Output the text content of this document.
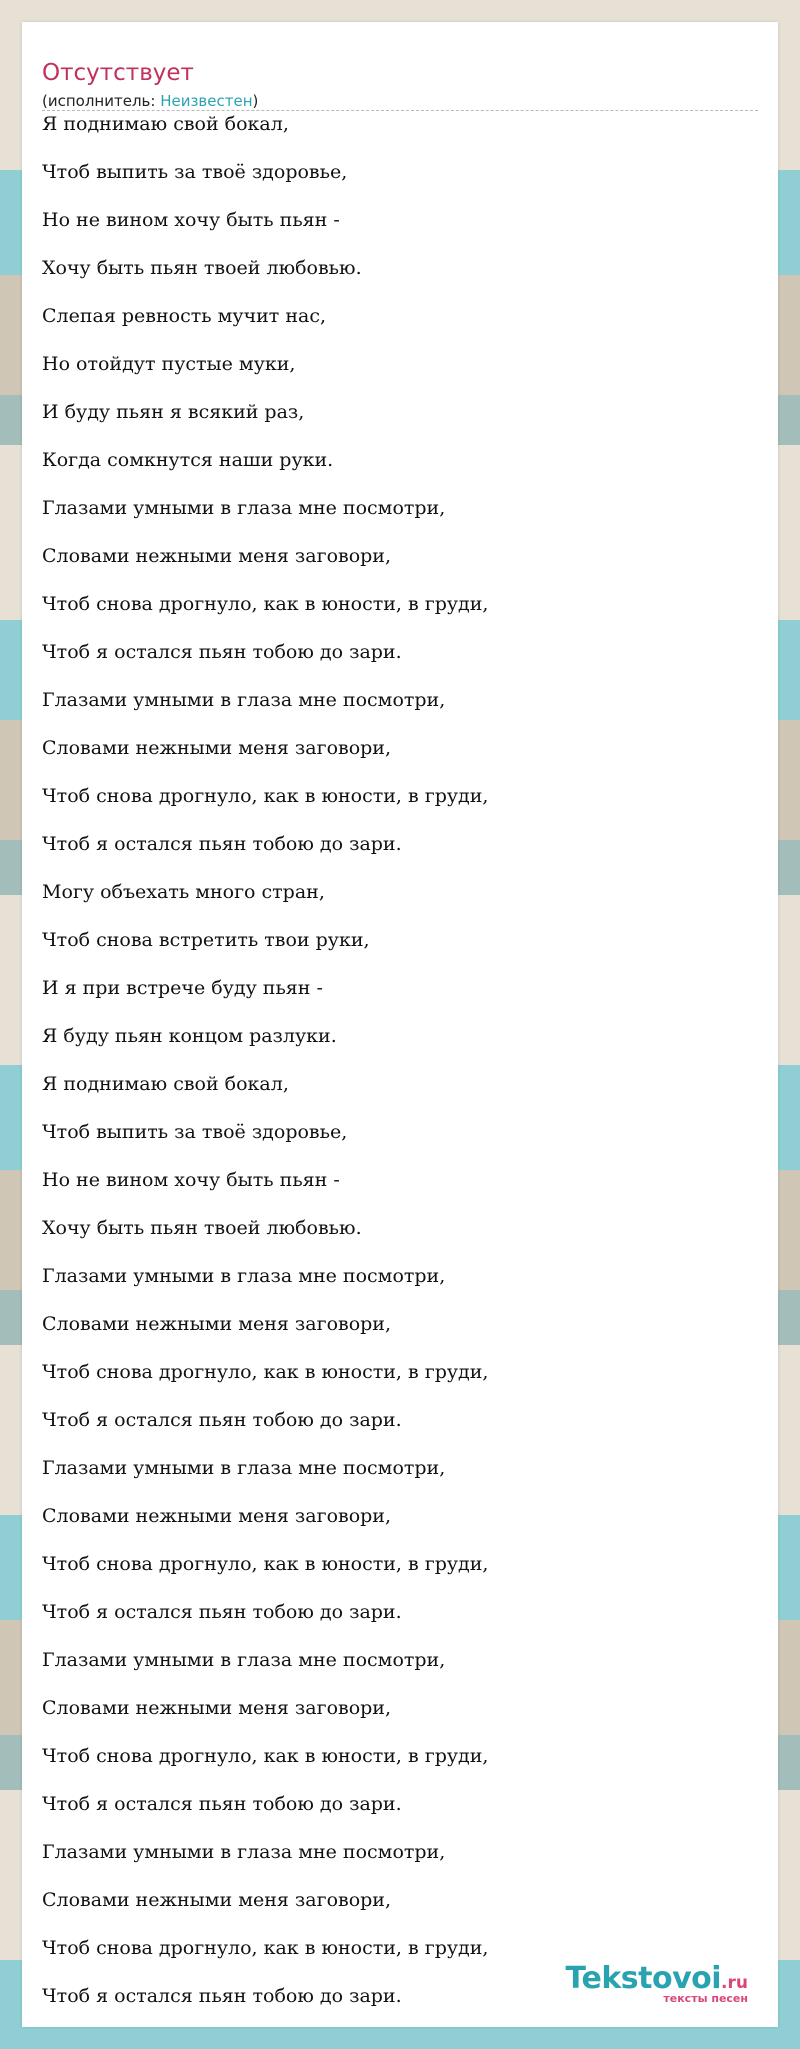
Отсутствует
(исполнитель: Неизвестен)
Я поднимаю свой бокал,
Чтоб выпить за твоё здоровье,
Но не вином хочу быть пьян -
Хочу быть пьян твоей любовью.
Слепая ревность мучит нас,
Но отойдут пустые муки,
И буду пьян я всякий раз,
Когда сомкнутся наши руки.
Глазами умными в глаза мне посмотри,
Словами нежными меня заговори,
Чтоб снова дрогнуло, как в юности, в груди,
Чтоб я остался пьян тобою до зари.
Глазами умными в глаза мне посмотри,
Словами нежными меня заговори,
Чтоб снова дрогнуло, как в юности, в груди,
Чтоб я остался пьян тобою до зари.
Могу объехать много стран,
Чтоб снова встретить твои руки,
И я при встрече буду пьян -
Я буду пьян концом разлуки.
Я поднимаю свой бокал,
Чтоб выпить за твоё здоровье,
Но не вином хочу быть пьян -
Хочу быть пьян твоей любовью.
Глазами умными в глаза мне посмотри,
Словами нежными меня заговори,
Чтоб снова дрогнуло, как в юности, в груди,
Чтоб я остался пьян тобою до зари.
Глазами умными в глаза мне посмотри,
Словами нежными меня заговори,
Чтоб снова дрогнуло, как в юности, в груди,
Чтоб я остался пьян тобою до зари.
Глазами умными в глаза мне посмотри,
Словами нежными меня заговори,
Чтоб снова дрогнуло, как в юности, в груди,
Чтоб я остался пьян тобою до зари.
Глазами умными в глаза мне посмотри,
Словами нежными меня заговори,
Чтоб снова дрогнуло, как в юности, в груди,
Чтоб я остался пьян тобою до зари.	Tekstovoi.ru
тексты песен
